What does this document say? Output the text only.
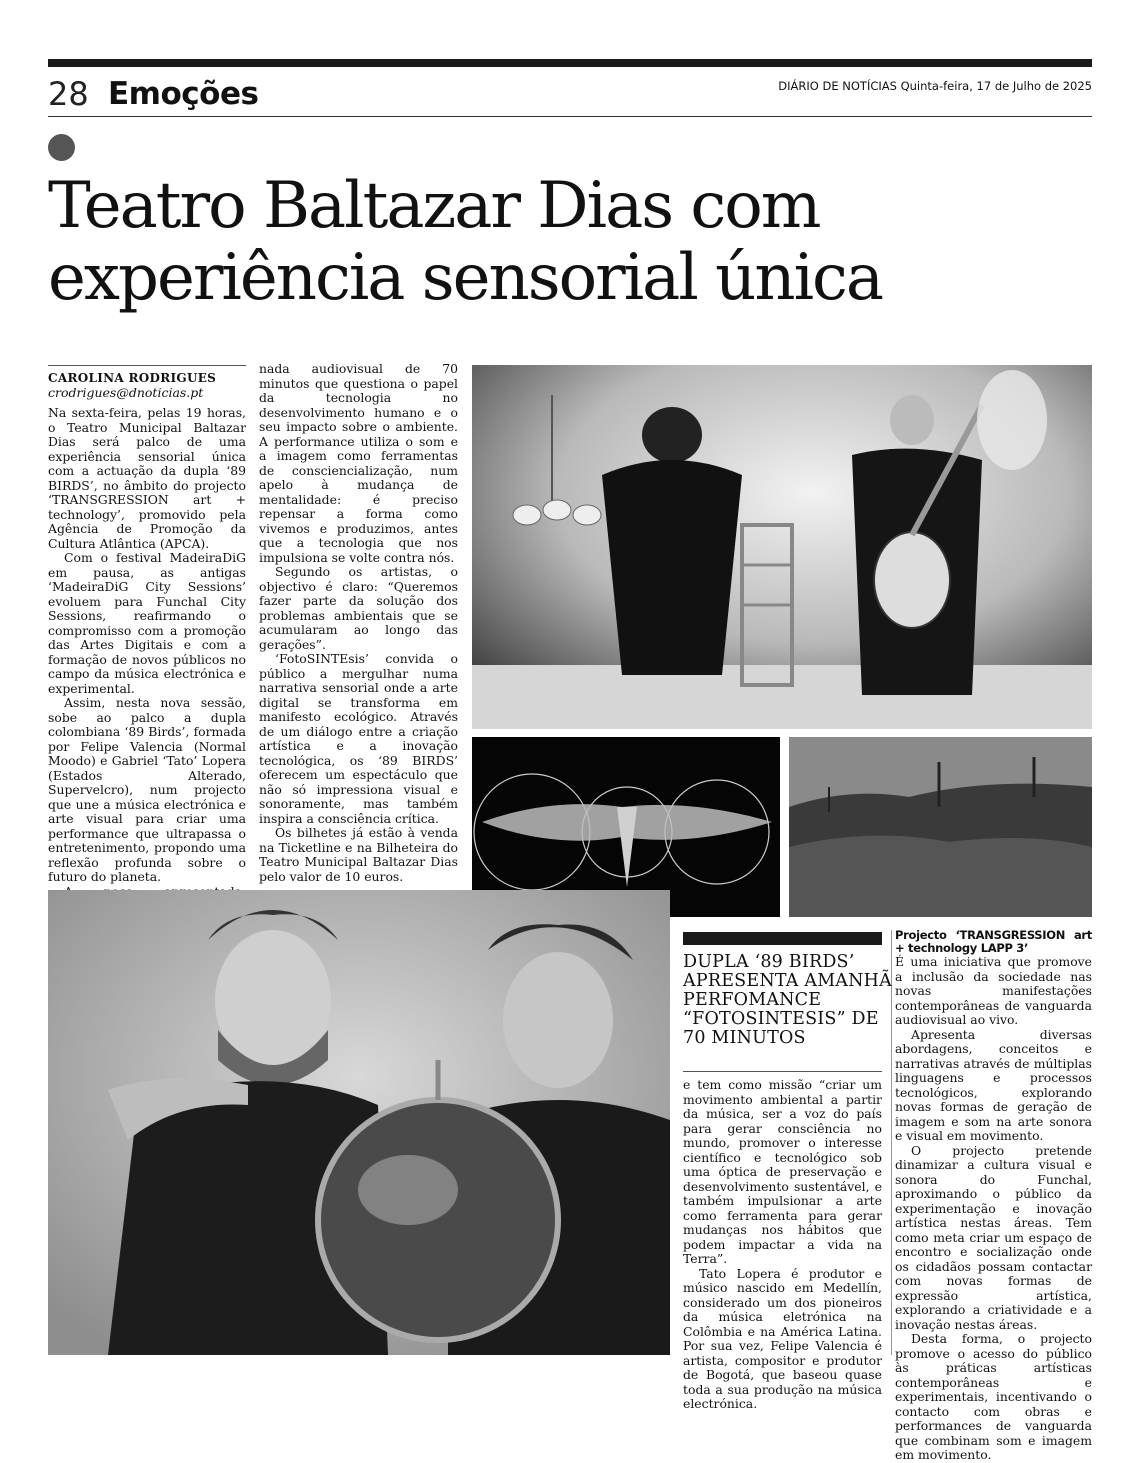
28 Emoções	DIÁRIO DE NOTÍCIAS Quinta-feira, 17 de Julho de 2025
Teatro Baltazar Dias com
experiência sensorial única
CAROLINA RODRIGUES
crodrigues@dnoticias.pt

Na sexta-feira, pelas 19 horas, o Teatro Municipal Baltazar Dias será palco de uma experiência sensorial única com a actuação da dupla ‘89 BIRDS’, no âmbito do projecto ‘TRANSGRESSION art + technology’, promovido pela Agência de Promoção da Cultura Atlântica (APCA).

Com o festival MadeiraDiG em pausa, as antigas ‘MadeiraDiG City Sessions’ evoluem para Funchal City Sessions, reafirmando o compromisso com a promoção das Artes Digitais e com a formação de novos públicos no campo da música electrónica e experimental.

Assim, nesta nova sessão, sobe ao palco a dupla colombiana ‘89 Birds’, formada por Felipe Valencia (Normal Moodo) e Gabriel ‘Tato’ Lopera (Estados Alterado, Supervelcro), num projecto que une a música electrónica e arte visual para criar uma performance que ultrapassa o entretenimento, propondo uma reflexão profunda sobre o futuro do planeta.

nada audiovisual de 70 minutos que questiona o papel da tecnologia no desenvolvimento humano e o seu impacto sobre o ambiente. A performance utiliza o som e a imagem como ferramentas de consciencialização, num apelo à mudança de mentalidade: é preciso repensar a forma como vivemos e produzimos, antes que a tecnologia que nos impulsiona se volte contra nós.

Segundo os artistas, o objectivo é claro: “Queremos fazer parte da solução dos problemas ambientais que se acumularam ao longo das gerações”.

‘FotoSINTEsis’ convida o público a mergulhar numa narrativa sensorial onde a arte digital se transforma em manifesto ecológico. Através de um diálogo entre a criação artística e a inovação tecnológica, os ‘89 BIRDS’ oferecem um espectáculo que não só impressiona visual e sonoramente, mas também inspira a consciência crítica.

Os bilhetes já estão à venda na Ticketline e na Bilheteira do Teatro Municipal Baltazar Dias pelo valor de 10 euros.

DUPLA ‘89 BIRDS’ APRESENTA AMANHÃ PERFOMANCE “FOTOSINTESIS” DE 70 MINUTOS

e tem como missão “criar um movimento ambiental a partir da música, ser a voz do país para gerar consciência no mundo, promover o interesse científico e tecnológico sob uma óptica de preservação e desenvolvimento sustentável, e também impulsionar a arte como ferramenta para gerar mudanças nos hábitos que podem impactar a vida na Terra”.

Tato Lopera é produtor e músico nascido em Medellín, considerado um dos pioneiros da música eletrónica na Colômbia e na América Latina. Por sua vez, Felipe Valencia é artista, compositor e produtor de Bogotá, que baseou quase toda a sua produção na música electrónica.

Projecto ‘TRANSGRESSION art + technology LAPP 3’

É uma iniciativa que promove a inclusão da sociedade nas novas manifestações contemporâneas de vanguarda audiovisual ao vivo.

Apresenta diversas abordagens, conceitos e narrativas através de múltiplas linguagens e processos tecnológicos, explorando novas formas de geração de imagem e som na arte sonora e visual em movimento.

O projecto pretende dinamizar a cultura visual e sonora do Funchal, aproximando o público da experimentação e inovação artística nestas áreas. Tem como meta criar um espaço de encontro e socialização onde os cidadãos possam contactar com novas formas de expressão artística, explorando a criatividade e a inovação nestas áreas.

Desta forma, o projecto promove o acesso do público às práticas artísticas contemporâneas e experimentais, incentivando o contacto com obras e performances de vanguarda que combinam som e imagem em movimento.
